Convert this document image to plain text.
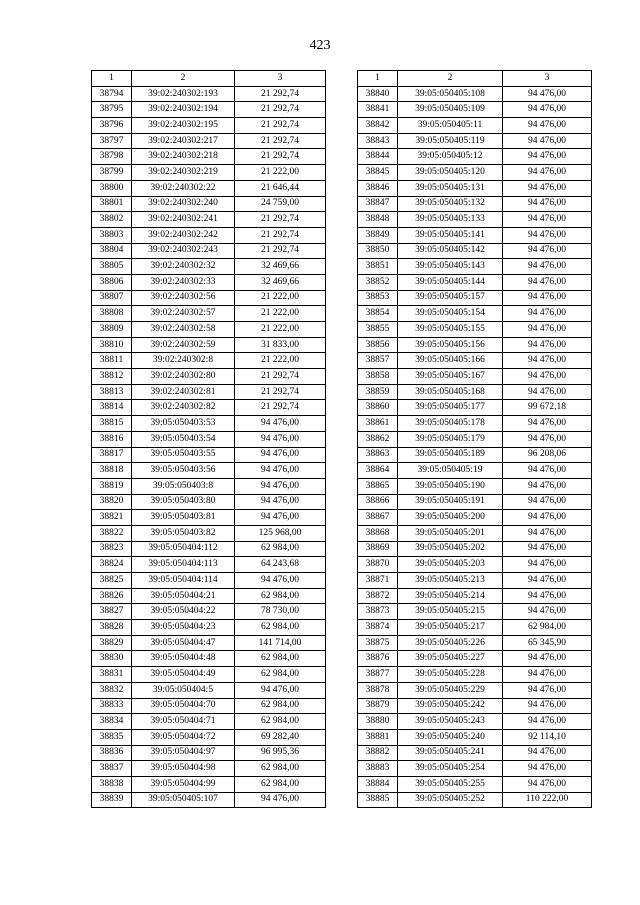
423
1	2	3
38794	39:02:240302:193	21 292,74
38795	39:02:240302:194	21 292,74
38796	39:02:240302:195	21 292,74
38797	39:02:240302:217	21 292,74
38798	39:02:240302:218	21 292,74
38799	39:02:240302:219	21 222,00
38800	39:02:240302:22	21 646,44
38801	39:02:240302:240	24 759,00
38802	39:02:240302:241	21 292,74
38803	39:02:240302:242	21 292,74
38804	39:02:240302:243	21 292,74
38805	39:02:240302:32	32 469,66
38806	39:02:240302:33	32 469,66
38807	39:02:240302:56	21 222,00
38808	39:02:240302:57	21 222,00
38809	39:02:240302:58	21 222,00
38810	39:02:240302:59	31 833,00
38811	39:02:240302:8	21 222,00
38812	39:02:240302:80	21 292,74
38813	39:02:240302:81	21 292,74
38814	39:02:240302:82	21 292,74
38815	39:05:050403:53	94 476,00
38816	39:05:050403:54	94 476,00
38817	39:05:050403:55	94 476,00
38818	39:05:050403:56	94 476,00
38819	39:05:050403:8	94 476,00
38820	39:05:050403:80	94 476,00
38821	39:05:050403:81	94 476,00
38822	39:05:050403:82	125 968,00
38823	39:05:050404:112	62 984,00
38824	39:05:050404:113	64 243,68
38825	39:05:050404:114	94 476,00
38826	39:05:050404:21	62 984,00
38827	39:05:050404:22	78 730,00
38828	39:05:050404:23	62 984,00
38829	39:05:050404:47	141 714,00
38830	39:05:050404:48	62 984,00
38831	39:05:050404:49	62 984,00
38832	39:05:050404:5	94 476,00
38833	39:05:050404:70	62 984,00
38834	39:05:050404:71	62 984,00
38835	39:05:050404:72	69 282,40
38836	39:05:050404:97	96 995,36
38837	39:05:050404:98	62 984,00
38838	39:05:050404:99	62 984,00
38839	39:05:050405:107	94 476,00
1	2	3
38840	39:05:050405:108	94 476,00
38841	39:05:050405:109	94 476,00
38842	39:05:050405:11	94 476,00
38843	39:05:050405:119	94 476,00
38844	39:05:050405:12	94 476,00
38845	39:05:050405:120	94 476,00
38846	39:05:050405:131	94 476,00
38847	39:05:050405:132	94 476,00
38848	39:05:050405:133	94 476,00
38849	39:05:050405:141	94 476,00
38850	39:05:050405:142	94 476,00
38851	39:05:050405:143	94 476,00
38852	39:05:050405:144	94 476,00
38853	39:05:050405:157	94 476,00
38854	39:05:050405:154	94 476,00
38855	39:05:050405:155	94 476,00
38856	39:05:050405:156	94 476,00
38857	39:05:050405:166	94 476,00
38858	39:05:050405:167	94 476,00
38859	39:05:050405:168	94 476,00
38860	39:05:050405:177	99 672,18
38861	39:05:050405:178	94 476,00
38862	39:05:050405:179	94 476,00
38863	39:05:050405:189	96 208,06
38864	39:05:050405:19	94 476,00
38865	39:05:050405:190	94 476,00
38866	39:05:050405:191	94 476,00
38867	39:05:050405:200	94 476,00
38868	39:05:050405:201	94 476,00
38869	39:05:050405:202	94 476,00
38870	39:05:050405:203	94 476,00
38871	39:05:050405:213	94 476,00
38872	39:05:050405:214	94 476,00
38873	39:05:050405:215	94 476,00
38874	39:05:050405:217	62 984,00
38875	39:05:050405:226	65 345,90
38876	39:05:050405:227	94 476,00
38877	39:05:050405:228	94 476,00
38878	39:05:050405:229	94 476,00
38879	39:05:050405:242	94 476,00
38880	39:05:050405:243	94 476,00
38881	39:05:050405:240	92 114,10
38882	39:05:050405:241	94 476,00
38883	39:05:050405:254	94 476,00
38884	39:05:050405:255	94 476,00
38885	39:05:050405:252	110 222,00
